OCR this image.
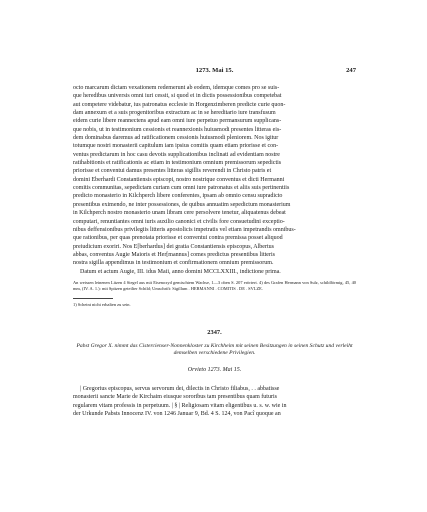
1273. Mai 15.	247

octo marcarum dictam vexationem redemerunt ab eodem, idemque comes pro se suis-

que heredibus universis omni iuri cessit, si quod ei in dictis possessionibus competebat

aut competere videbatur, ius patronatus ecclesie in Horgenzimberen predicte curie quon-

dam annexum et a suis progenitoribus extractum ac in se hereditario iure transfusum

eidem curie libere reannectens apud eam omni iure perpetuo permansurum supplicans-

que nobis, ut in testimonium cessionis et reannexionis huiusmodi presentes litteras eis-

dem dominabus daremus ad ratificationem cessionis huiusmodi pleniorem. Nos igitur

totumque nostri monasterii capitulum iam ipsius comitis quam etiam priorisse et con-

ventus predictarum in hoc casu devotis supplicationibus inclinati ad evidentiam nostre

ratihabitionis et ratificationis ac etiam in testimonium omnium premissorum sepedictis

priorisse et conventui damus presentes litteras sigillis reverendi in Christo patris et

domini Eberhardi Constantiensis episcopi, nostro nostrique conventus et dicti Hermanni

comitis communitas, sepedictam curiam cum omni iure patronatus et aliis suis pertinentiis

predicto monasterio in Kilchperch libere conferentes, ipsam ab omnio censu supradicto

presentibus eximendo, ne inter possessiones, de quibus annuatim sepedictum monasterium

in Kilchperch nostro monasterio unam libram cere persolvere tenetur, aliquatenus debeat

computari, renuntiantes omni iuris auxilio canonici et civilis fore consuetudini exceptio-

nibus deffensionibus privilegiis litteris apostolicis impetratis vel etiam impetrandis omnibus-

que rationibus, per quas prenotata priorisse et conventui contra premissa posset aliquod

preiudicium exoriri. Nos E[berhardus] dei gratia Constantiensis episcopus, Albertus

abbas, conventus Augie Maioris et Her[mannus] comes predictus presentibus litteris

nostra sigilla appendimus in testimonium et confirmationem omnium premissorum.

Datum et actum Augie, III. idus Maii, anno domini MCCLXXIII., indictione prima.

An weissen leinenen Litzen 4 Siegel aus mit Eisenoxyd gemischtem Wachse, 1—3 oben S. 207 erörtert. 4) des Grafen Hermann von Sulz, schildförmig, 45, 40 mm, (IV. A. 1.): mit Spitzen geteilter Schild; Umschrift: Sigillum . HERMANNI . COMITIS . DE . SVLZE.
1) Scheint nicht erhalten zu sein.
2347.
Pabst Gregor X. nimmt das Cistercienser-Nonnenkloster zu Kirchheim mit seinen Besitzungen in seinen Schutz und verleiht demselben verschiedene Privilegien.
Orvieto 1273. Mai 15.

| Gregorius episcopus, servus servorum dei, dilectis in Christo filiabus, . . abbatisse

monasterii sancte Marie de Kirchaim eiusque sororibus tam presentibus quam futuris

regularem vitam professis in perpetuum. | § | Religiosam vitam eligentibus u. s. w. wie in

der Urkunde Pabsts Innocenz IV. von 1246 Januar 9, Bd. 4 S. 124, von Pacî quoque an
